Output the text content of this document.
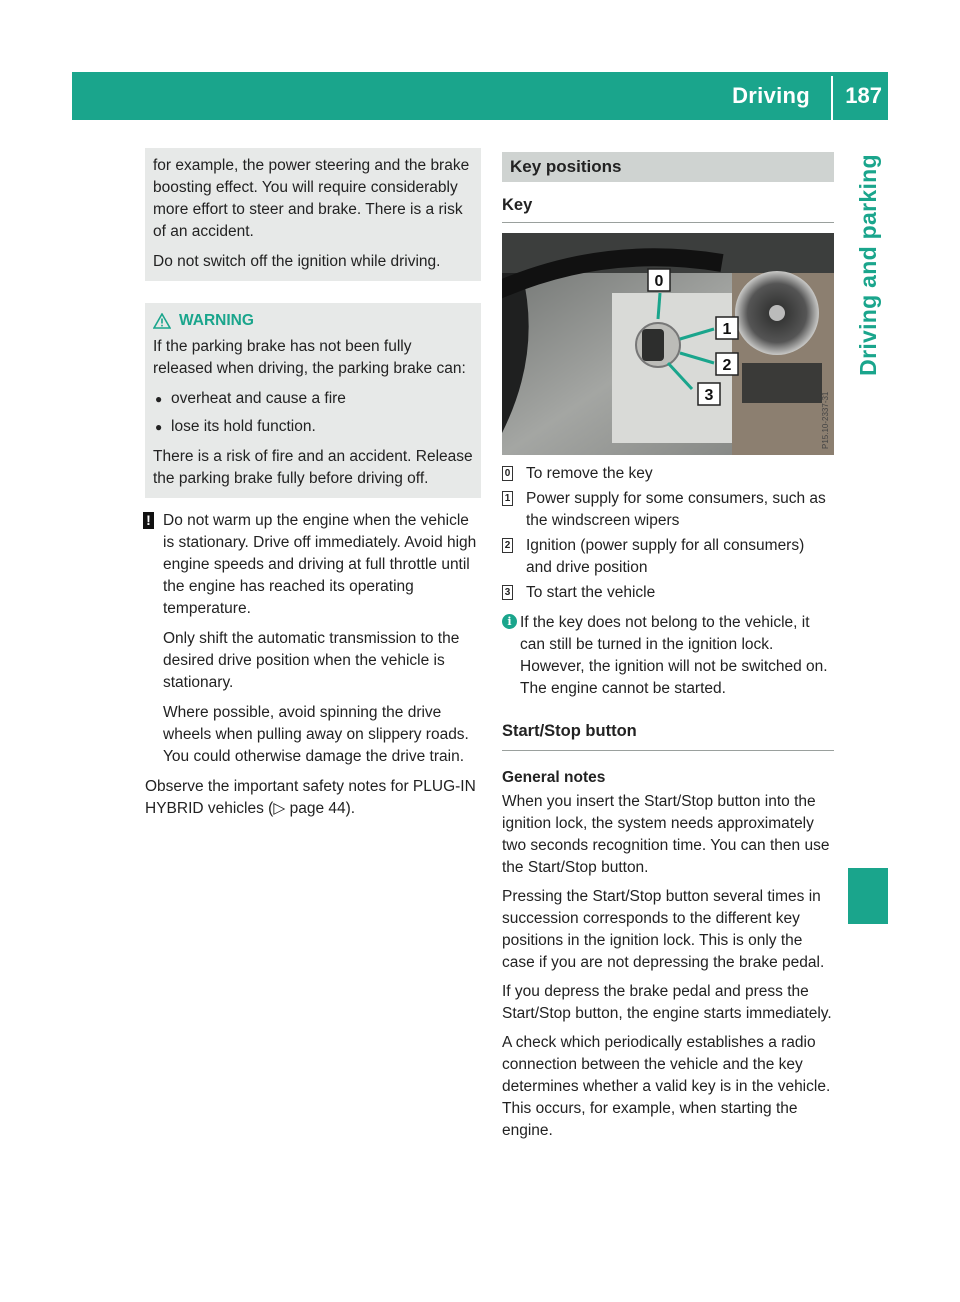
Driving 187
Driving and parking

for example, the power steering and the brake boosting effect. You will require considerably more effort to steer and brake. There is a risk of an accident.

Do not switch off the ignition while driving.

WARNING

If the parking brake has not been fully released when driving, the parking brake can:

● overheat and cause a fire
● lose its hold function.

There is a risk of fire and an accident. Release the parking brake fully before driving off.

! Do not warm up the engine when the vehicle is stationary. Drive off immediately. Avoid high engine speeds and driving at full throttle until the engine has reached its operating temperature.

Only shift the automatic transmission to the desired drive position when the vehicle is stationary.

Where possible, avoid spinning the drive wheels when pulling away on slippery roads. You could otherwise damage the drive train.

Observe the important safety notes for PLUG-IN HYBRID vehicles (▷ page 44).

Key positions
Key
0
1
2
3	P15.10-2337-31
0 To remove the key
1 Power supply for some consumers, such as the windscreen wipers
2 Ignition (power supply for all consumers) and drive position
3 To start the vehicle
i If the key does not belong to the vehicle, it can still be turned in the ignition lock. However, the ignition will not be switched on. The engine cannot be started.
Start/Stop button
General notes

When you insert the Start/Stop button into the ignition lock, the system needs approximately two seconds recognition time. You can then use the Start/Stop button.

Pressing the Start/Stop button several times in succession corresponds to the different key positions in the ignition lock. This is only the case if you are not depressing the brake pedal.

If you depress the brake pedal and press the Start/Stop button, the engine starts immediately.

A check which periodically establishes a radio connection between the vehicle and the key determines whether a valid key is in the vehicle. This occurs, for example, when starting the engine.
